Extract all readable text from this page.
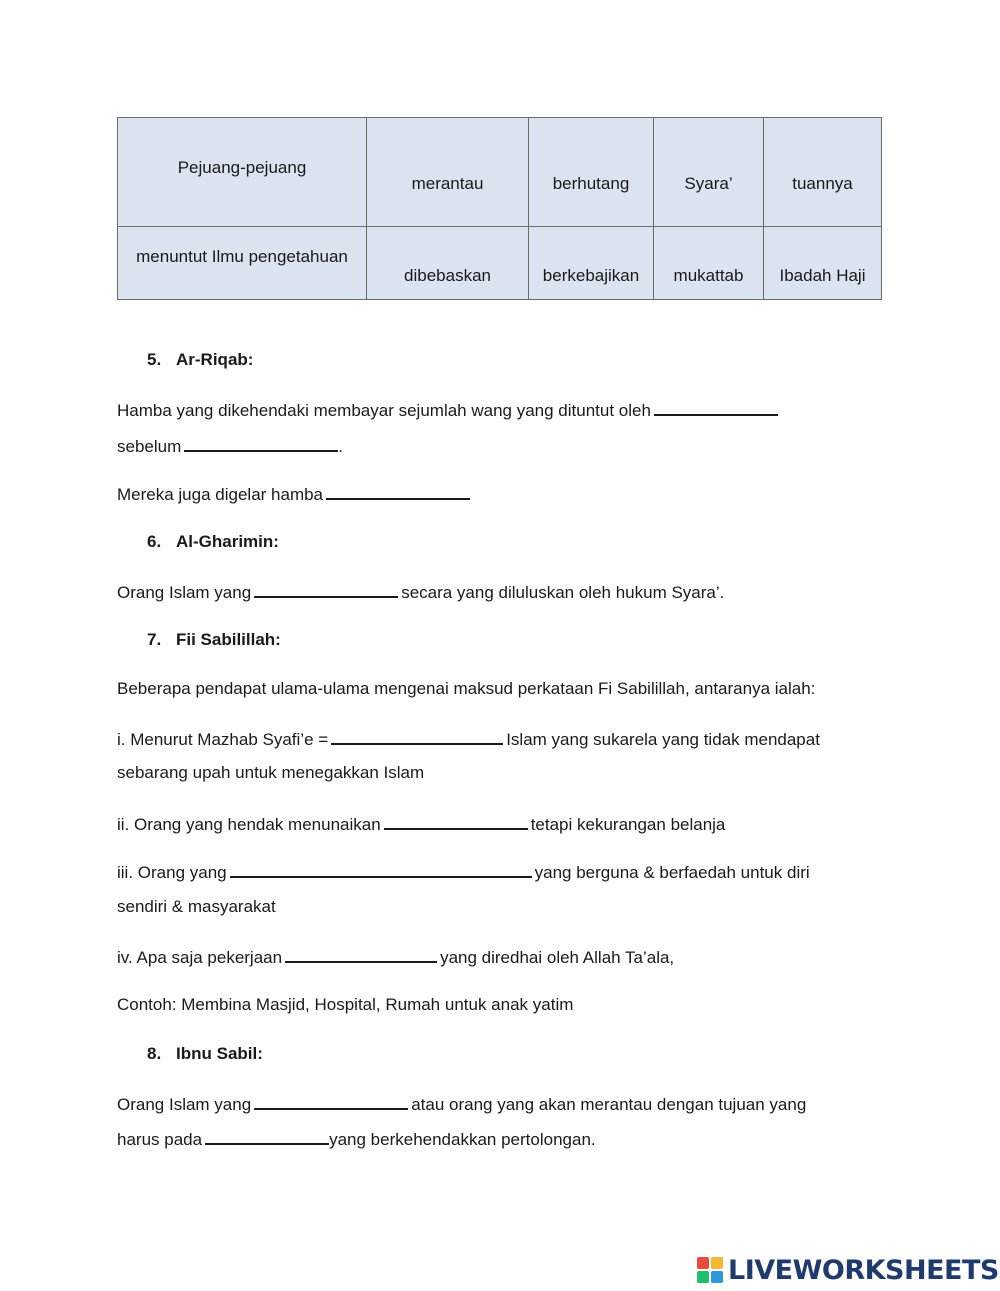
Pejuang-pejuang	merantau	berhutang	Syara’	tuannya

menuntut Ilmu pengetahuan	dibebaskan	berkebajikan	mukattab	Ibadah Haji
5. Ar-Riqab:
Hamba yang dikehendaki membayar sejumlah wang yang dituntut oleh
sebelum	.
Mereka juga digelar hamba
6. Al-Gharimin:
Orang Islam yang	secara yang diluluskan oleh hukum Syara’.
7. Fii Sabilillah:
Beberapa pendapat ulama-ulama mengenai maksud perkataan Fi Sabilillah, antaranya ialah:
i. Menurut Mazhab Syafi’e =	Islam yang sukarela yang tidak mendapat
sebarang upah untuk menegakkan Islam
ii. Orang yang hendak menunaikan	tetapi kekurangan belanja
iii. Orang yang	yang berguna & berfaedah untuk diri
sendiri & masyarakat
iv. Apa saja pekerjaan	yang diredhai oleh Allah Ta’ala,
Contoh: Membina Masjid, Hospital, Rumah untuk anak yatim
8. Ibnu Sabil:
Orang Islam yang	atau orang yang akan merantau dengan tujuan yang
harus pada	yang berkehendakkan pertolongan.
LIVEWORKSHEETS
